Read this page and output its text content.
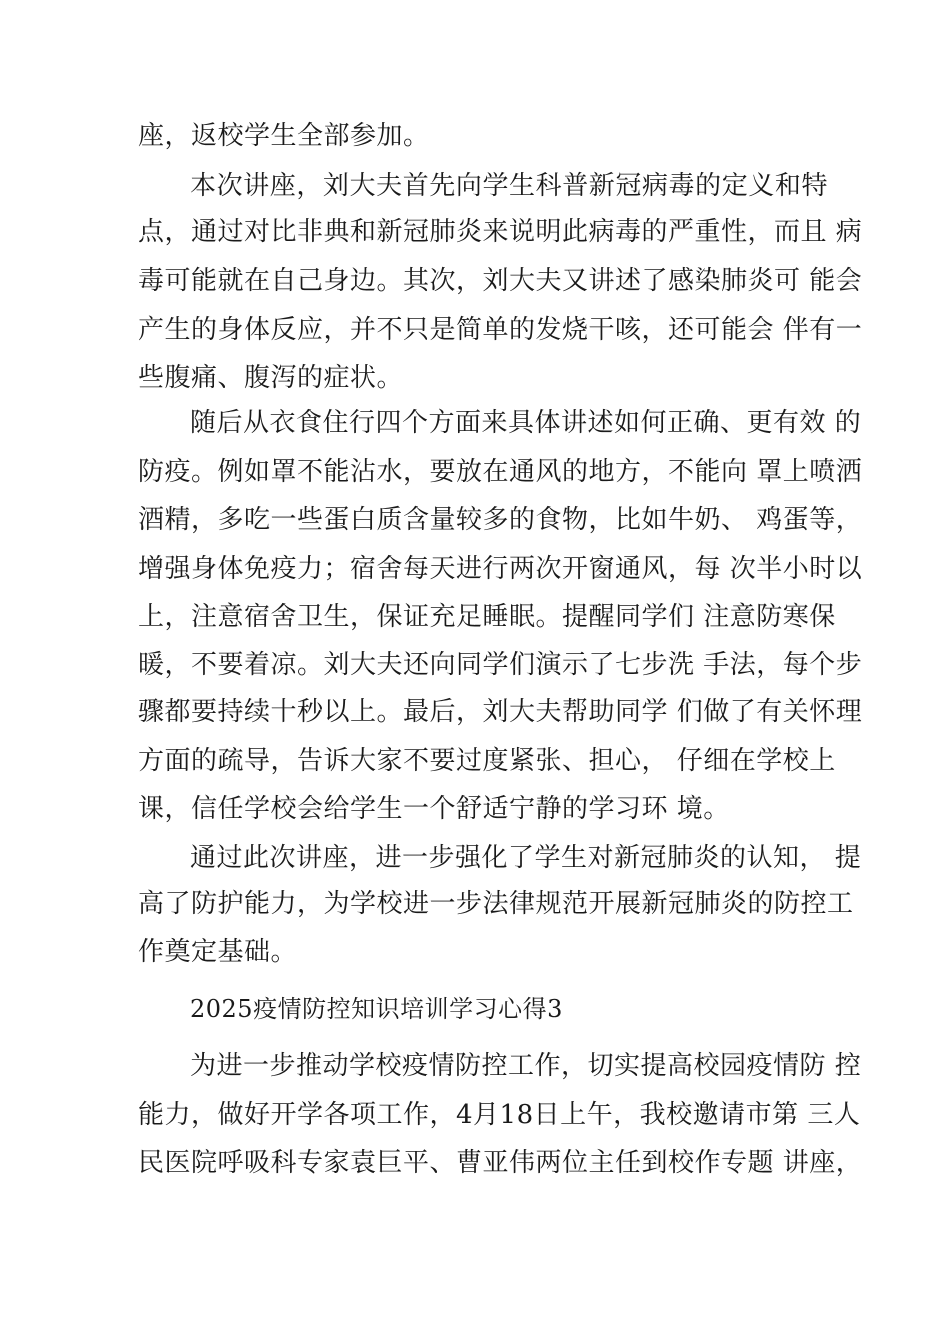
座，返校学生全部参加。
本次讲座，刘大夫首先向学生科普新冠病毒的定义和特
点，通过对比非典和新冠肺炎来说明此病毒的严重性，而且 病
毒可能就在自己身边。其次，刘大夫又讲述了感染肺炎可 能会
产生的身体反应，并不只是简单的发烧干咳，还可能会 伴有一
些腹痛、腹泻的症状。
随后从衣食住行四个方面来具体讲述如何正确、更有效 的
防疫。例如罩不能沾水，要放在通风的地方，不能向 罩上喷洒
酒精，多吃一些蛋白质含量较多的食物，比如牛奶、 鸡蛋等，
增强身体免疫力；宿舍每天进行两次开窗通风，每 次半小时以
上，注意宿舍卫生，保证充足睡眠。提醒同学们 注意防寒保
暖，不要着凉。刘大夫还向同学们演示了七步洗 手法，每个步
骤都要持续十秒以上。最后，刘大夫帮助同学 们做了有关怀理
方面的疏导，告诉大家不要过度紧张、担心， 仔细在学校上
课，信任学校会给学生一个舒适宁静的学习环 境。
通过此次讲座，进一步强化了学生对新冠肺炎的认知， 提
高了防护能力，为学校进一步法律规范开展新冠肺炎的防控工
作奠定基础。
2025疫情防控知识培训学习心得3
为进一步推动学校疫情防控工作，切实提高校园疫情防 控
能力，做好开学各项工作，4月18日上午，我校邀请市第 三人
民医院呼吸科专家袁巨平、曹亚伟两位主任到校作专题 讲座，
